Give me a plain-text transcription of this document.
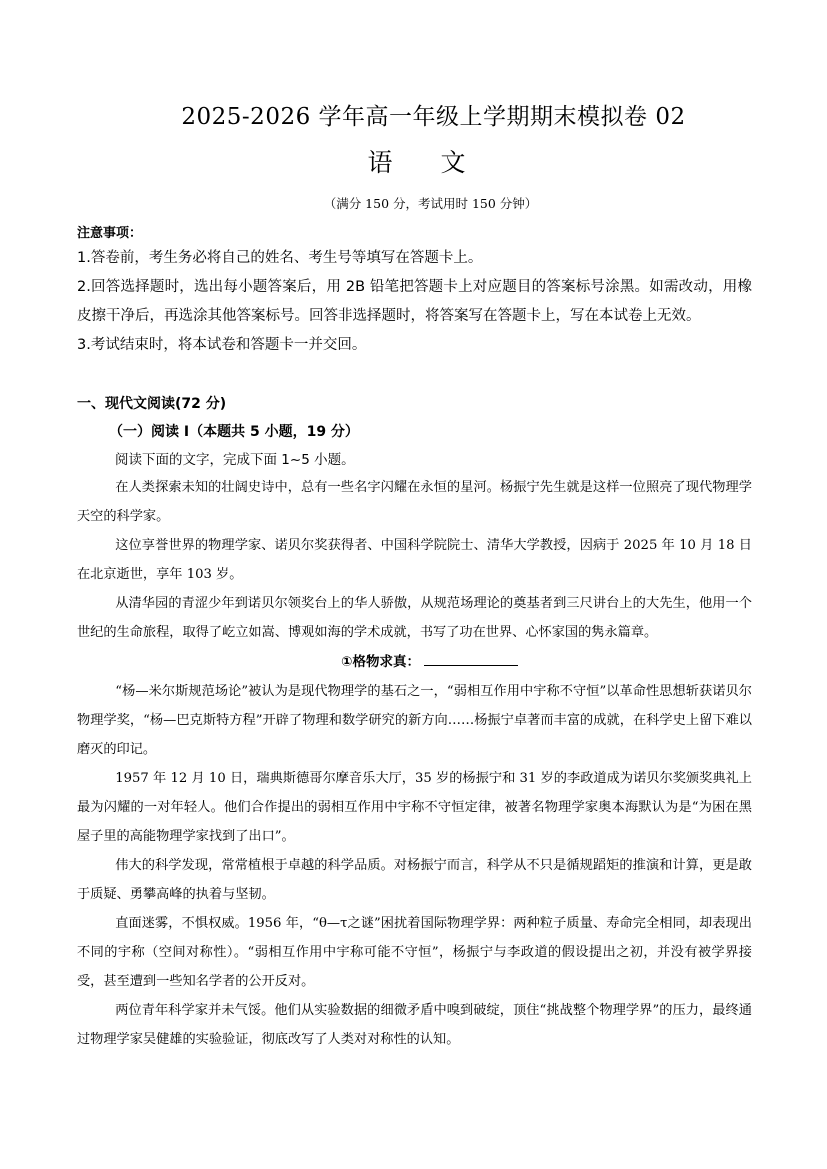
2025-2026 学年高一年级上学期期末模拟卷 02
语 文
（满分 150 分，考试用时 150 分钟）
注意事项：
1.答卷前，考生务必将自己的姓名、考生号等填写在答题卡上。
2.回答选择题时，选出每小题答案后，用 2B 铅笔把答题卡上对应题目的答案标号涂黑。如需改动，用橡皮擦干净后，再选涂其他答案标号。回答非选择题时，将答案写在答题卡上，写在本试卷上无效。
3.考试结束时，将本试卷和答题卡一并交回。
一、现代文阅读(72 分)
（一）阅读 I（本题共 5 小题，19 分）
阅读下面的文字，完成下面 1~5 小题。

在人类探索未知的壮阔史诗中，总有一些名字闪耀在永恒的星河。杨振宁先生就是这样一位照亮了现代物理学天空的科学家。

这位享誉世界的物理学家、诺贝尔奖获得者、中国科学院院士、清华大学教授，因病于 2025 年 10 月 18 日在北京逝世，享年 103 岁。

从清华园的青涩少年到诺贝尔领奖台上的华人骄傲，从规范场理论的奠基者到三尺讲台上的大先生，他用一个世纪的生命旅程，取得了屹立如嵩、博观如海的学术成就，书写了功在世界、心怀家国的隽永篇章。

①格物求真：

“杨—米尔斯规范场论”被认为是现代物理学的基石之一，“弱相互作用中宇称不守恒”以革命性思想斩获诺贝尔物理学奖，“杨—巴克斯特方程”开辟了物理和数学研究的新方向……杨振宁卓著而丰富的成就，在科学史上留下难以磨灭的印记。

1957 年 12 月 10 日，瑞典斯德哥尔摩音乐大厅，35 岁的杨振宁和 31 岁的李政道成为诺贝尔奖颁奖典礼上最为闪耀的一对年轻人。他们合作提出的弱相互作用中宇称不守恒定律，被著名物理学家奥本海默认为是“为困在黑屋子里的高能物理学家找到了出口”。

伟大的科学发现，常常植根于卓越的科学品质。对杨振宁而言，科学从不只是循规蹈矩的推演和计算，更是敢于质疑、勇攀高峰的执着与坚韧。

直面迷雾，不惧权威。1956 年，“θ—τ之谜”困扰着国际物理学界：两种粒子质量、寿命完全相同，却表现出不同的宇称（空间对称性）。“弱相互作用中宇称可能不守恒”，杨振宁与李政道的假设提出之初，并没有被学界接受，甚至遭到一些知名学者的公开反对。

两位青年科学家并未气馁。他们从实验数据的细微矛盾中嗅到破绽，顶住“挑战整个物理学界”的压力，最终通过物理学家吴健雄的实验验证，彻底改写了人类对对称性的认知。
